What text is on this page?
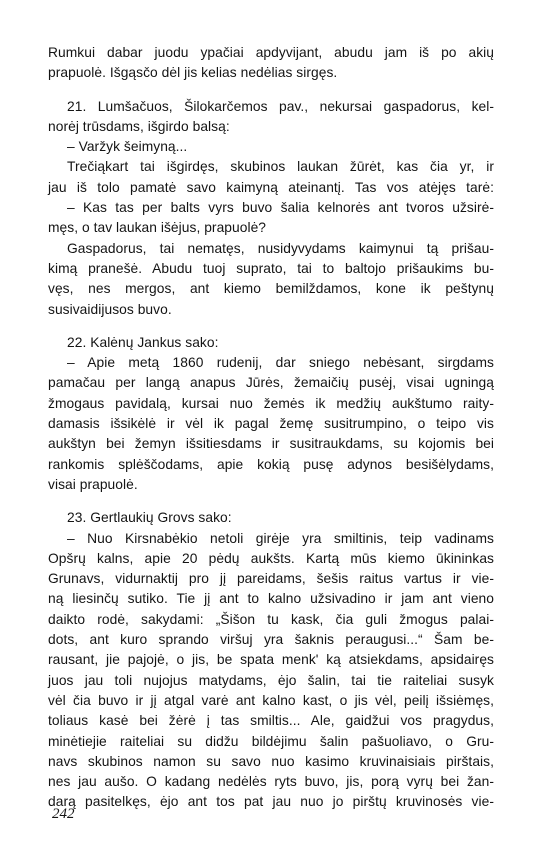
Rumkui dabar juodu ypačiai apdyvijant, abudu jam iš po akių

prapuolė. Išgąsčo dėl jis kelias nedėlias sirgęs.

21. Lumšačuos, Šilokarčemos pav., nekursai gaspadorus, kel-

norėj trūsdams, išgirdo balsą:

– Varžyk šeimyną...

Trečiąkart tai išgirdęs, skubinos laukan žūrėt, kas čia yr, ir

jau iš tolo pamatė savo kaimyną ateinantį. Tas vos atėjęs tarė:

– Kas tas per balts vyrs buvo šalia kelnorės ant tvoros užsirė-

męs, o tav laukan išėjus, prapuolė?

Gaspadorus, tai nematęs, nusidyvydams kaimynui tą prišau-

kimą pranešė. Abudu tuoj suprato, tai to baltojo prišaukims bu-

vęs, nes mergos, ant kiemo bemilždamos, kone ik peštynų

susivaidijusos buvo.

22. Kalėnų Jankus sako:

– Apie metą 1860 rudenij, dar sniego nebėsant, sirgdams

pamačau per langą anapus Jūrės, žemaičių pusėj, visai ugningą

žmogaus pavidalą, kursai nuo žemės ik medžių aukštumo raity-

damasis išsikėlė ir vėl ik pagal žemę susitrumpino, o teipo vis

aukštyn bei žemyn išsitiesdams ir susitraukdams, su kojomis bei

rankomis splėščodams, apie kokią pusę adynos besišėlydams,

visai prapuolė.

23. Gertlaukių Grovs sako:

– Nuo Kirsnabėkio netoli girėje yra smiltinis, teip vadinams

Opšrų kalns, apie 20 pėdų aukšts. Kartą mūs kiemo ūkininkas

Grunavs, vidurnaktij pro jį pareidams, šešis raitus vartus ir vie-

ną liesinčų sutiko. Tie jį ant to kalno užsivadino ir jam ant vieno

daikto rodė, sakydami: „Šišon tu kask, čia guli žmogus palai-

dots, ant kuro sprando viršuj yra šaknis peraugusi...“ Šam be-

rausant, jie pajojė, o jis, be spata menk' ką atsiekdams, apsidairęs

juos jau toli nujojus matydams, ėjo šalin, tai tie raiteliai susyk

vėl čia buvo ir jį atgal varė ant kalno kast, o jis vėl, peilį išsiėmęs,

toliaus kasė bei žėrė į tas smiltis... Ale, gaidžui vos pragydus,

minėtiejie raiteliai su didžu bildėjimu šalin pašuoliavo, o Gru-

navs skubinos namon su savo nuo kasimo kruvinaisiais pirštais,

nes jau aušo. O kadang nedėlės ryts buvo, jis, porą vyrų bei žan-

darą pasitelkęs, ėjo ant tos pat jau nuo jo pirštų kruvinosės vie-

242
